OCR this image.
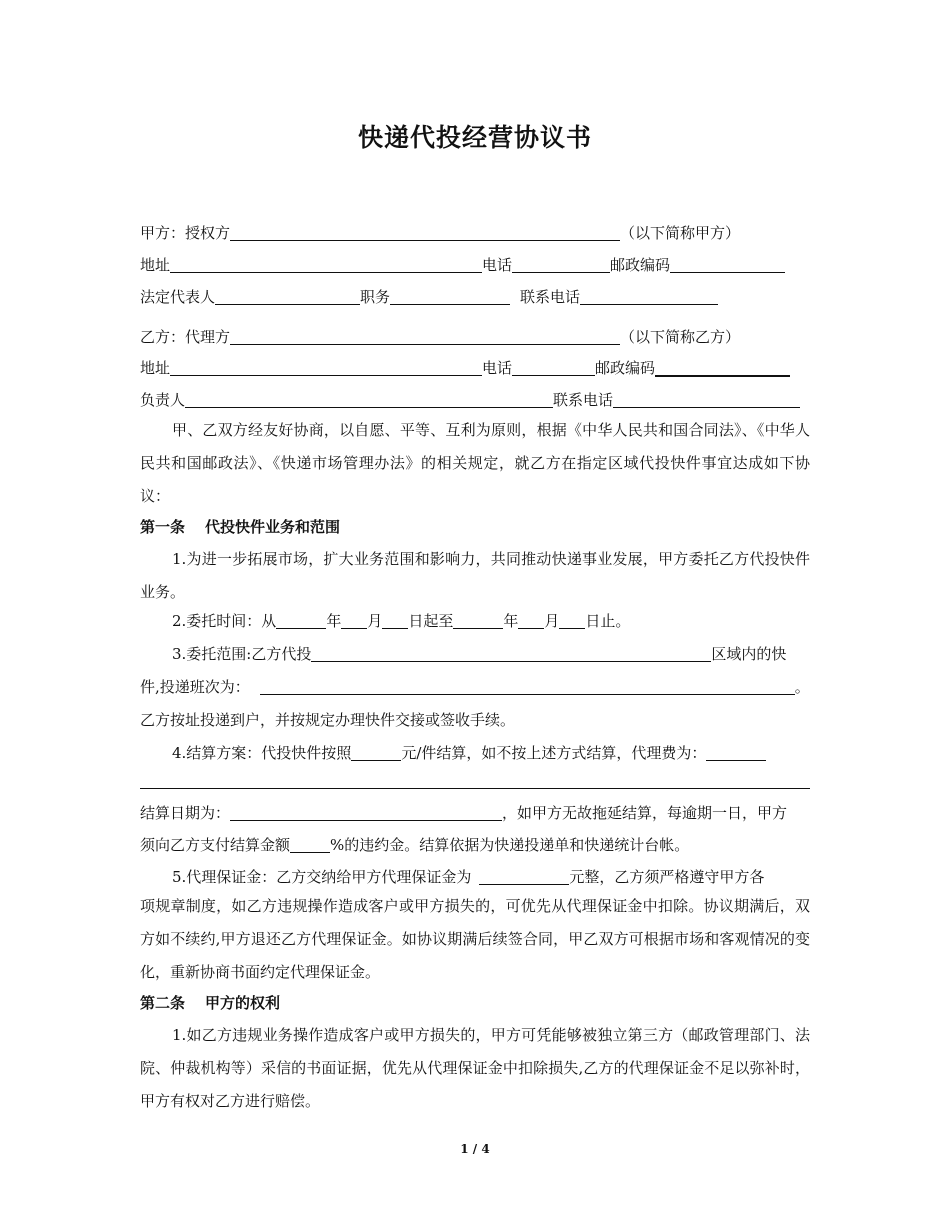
快递代投经营协议书
甲方：授权方	（以下简称甲方）
地址	电话	邮政编码
法定代表人	职务	联系电话
乙方：代理方	（以下简称乙方）
地址	电话	邮政编码
负责人	联系电话
甲、乙双方经友好协商，以自愿、平等、互利为原则，根据《中华人民共和国合同法》、《中华人民共和国邮政法》、《快递市场管理办法》的相关规定，就乙方在指定区域代投快件事宜达成如下协议：
第一条 代投快件业务和范围
1.为进一步拓展市场，扩大业务范围和影响力，共同推动快递事业发展，甲方委托乙方代投快件业务。
2.委托时间：从	年 月 日起至	年 月 日止。
3.委托范围:乙方代投	区域内的快
件,投递班次为：	。
乙方按址投递到户，并按规定办理快件交接或签收手续。
4.结算方案：代投快件按照	元/件结算，如不按上述方式结算，代理费为：
结算日期为：	，如甲方无故拖延结算，每逾期一日，甲方
须向乙方支付结算金额	%的违约金。结算依据为快递投递单和快递统计台帐。
5.代理保证金：乙方交纳给甲方代理保证金为	元整，乙方须严格遵守甲方各
项规章制度，如乙方违规操作造成客户或甲方损失的，可优先从代理保证金中扣除。协议期满后，双方如不续约,甲方退还乙方代理保证金。如协议期满后续签合同，甲乙双方可根据市场和客观情况的变化，重新协商书面约定代理保证金。
第二条 甲方的权利
1.如乙方违规业务操作造成客户或甲方损失的，甲方可凭能够被独立第三方（邮政管理部门、法院、仲裁机构等）采信的书面证据，优先从代理保证金中扣除损失,乙方的代理保证金不足以弥补时，甲方有权对乙方进行赔偿。
1 / 4
